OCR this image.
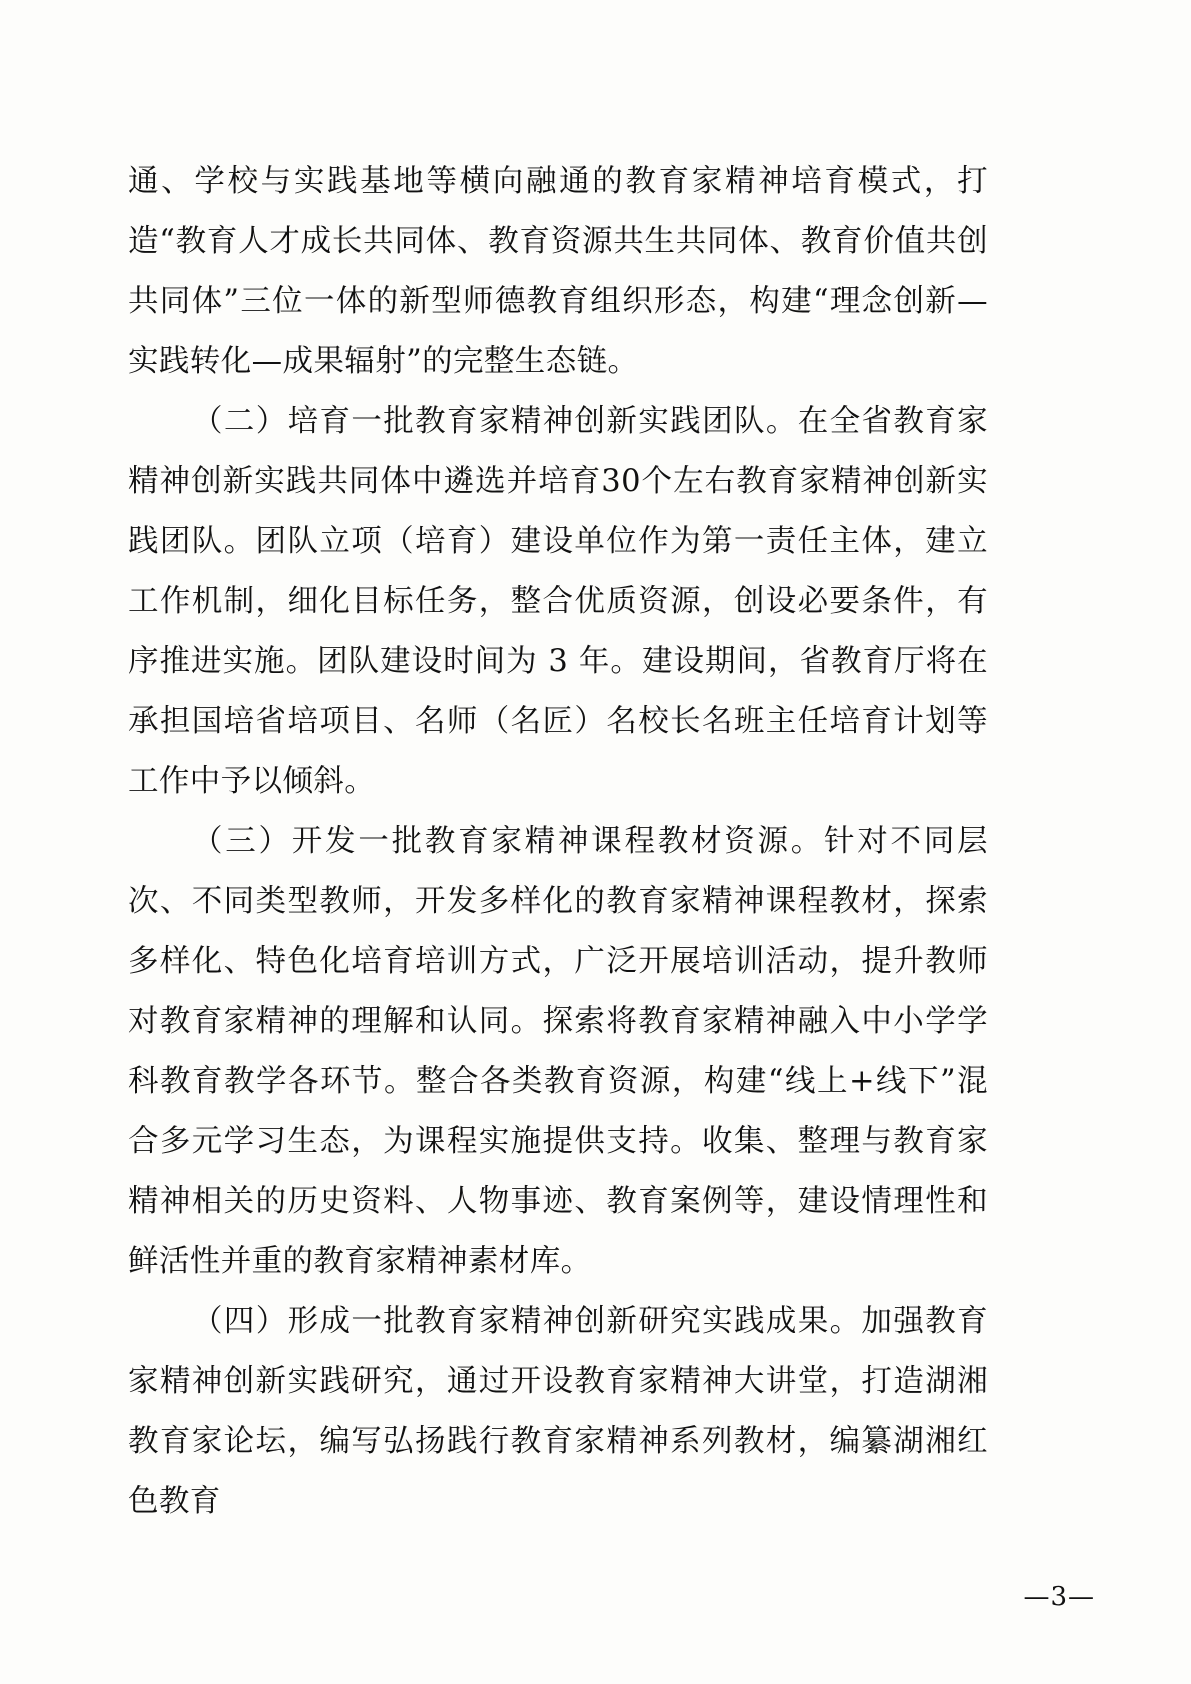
通、学校与实践基地等横向融通的教育家精神培育模式，打造“教育人才成长共同体、教育资源共生共同体、教育价值共创共同体”三位一体的新型师德教育组织形态，构建“理念创新—实践转化—成果辐射”的完整生态链。

（二）培育一批教育家精神创新实践团队。在全省教育家精神创新实践共同体中遴选并培育30个左右教育家精神创新实践团队。团队立项（培育）建设单位作为第一责任主体，建立工作机制，细化目标任务，整合优质资源，创设必要条件，有序推进实施。团队建设时间为 3 年。建设期间，省教育厅将在承担国培省培项目、名师（名匠）名校长名班主任培育计划等工作中予以倾斜。

（三）开发一批教育家精神课程教材资源。针对不同层次、不同类型教师，开发多样化的教育家精神课程教材，探索多样化、特色化培育培训方式，广泛开展培训活动，提升教师对教育家精神的理解和认同。探索将教育家精神融入中小学学科教育教学各环节。整合各类教育资源，构建“线上+线下”混合多元学习生态，为课程实施提供支持。收集、整理与教育家精神相关的历史资料、人物事迹、教育案例等，建设情理性和鲜活性并重的教育家精神素材库。

（四）形成一批教育家精神创新研究实践成果。加强教育家精神创新实践研究，通过开设教育家精神大讲堂，打造湖湘教育家论坛，编写弘扬践行教育家精神系列教材，编纂湖湘红色教育

—3—
